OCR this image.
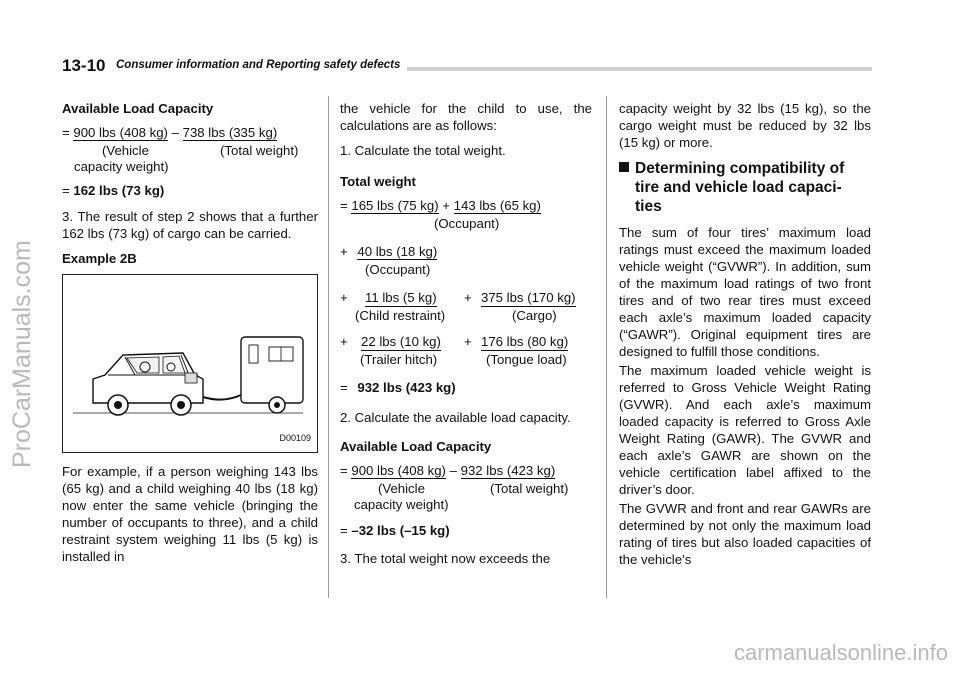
13-10 Consumer information and Reporting safety defects
Available Load Capacity
= 900 lbs (408 kg) – 738 lbs (335 kg)
(Vehicle	(Total weight)
capacity weight)
= 162 lbs (73 kg)

3. The result of step 2 shows that a further 162 lbs (73 kg) of cargo can be carried.

Example 2B
D00109

For example, if a person weighing 143 lbs (65 kg) and a child weighing 40 lbs (18 kg) now enter the same vehicle (bringing the number of occupants to three), and a child restraint system weighing 11 lbs (5 kg) is installed in

the vehicle for the child to use, the calculations are as follows:

1. Calculate the total weight.

Total weight
= 165 lbs (75 kg) + 143 lbs (65 kg)
(Occupant)
+ 40 lbs (18 kg)
(Occupant)
+ 11 lbs (5 kg) + 375 lbs (170 kg)
(Child restraint)	(Cargo)
+ 22 lbs (10 kg) + 176 lbs (80 kg)
(Trailer hitch)	(Tongue load)
= 932 lbs (423 kg)

2. Calculate the available load capacity.

Available Load Capacity
= 900 lbs (408 kg) – 932 lbs (423 kg)
(Vehicle	(Total weight)
capacity weight)
= –32 lbs (–15 kg)

3. The total weight now exceeds the

capacity weight by 32 lbs (15 kg), so the cargo weight must be reduced by 32 lbs (15 kg) or more.

Determining compatibility of
tire and vehicle load capaci-
ties

The sum of four tires’ maximum load ratings must exceed the maximum loaded vehicle weight (“GVWR”). In addition, sum of the maximum load ratings of two front tires and of two rear tires must exceed each axle’s maximum loaded capacity (“GAWR”). Original equipment tires are designed to fulfill those conditions.

The maximum loaded vehicle weight is referred to Gross Vehicle Weight Rating (GVWR). And each axle’s maximum loaded capacity is referred to Gross Axle Weight Rating (GAWR). The GVWR and each axle’s GAWR are shown on the vehicle certification label affixed to the driver’s door.

The GVWR and front and rear GAWRs are determined by not only the maximum load rating of tires but also loaded capacities of the vehicle’s

ProCarManuals.com
carmanualsonline.info
